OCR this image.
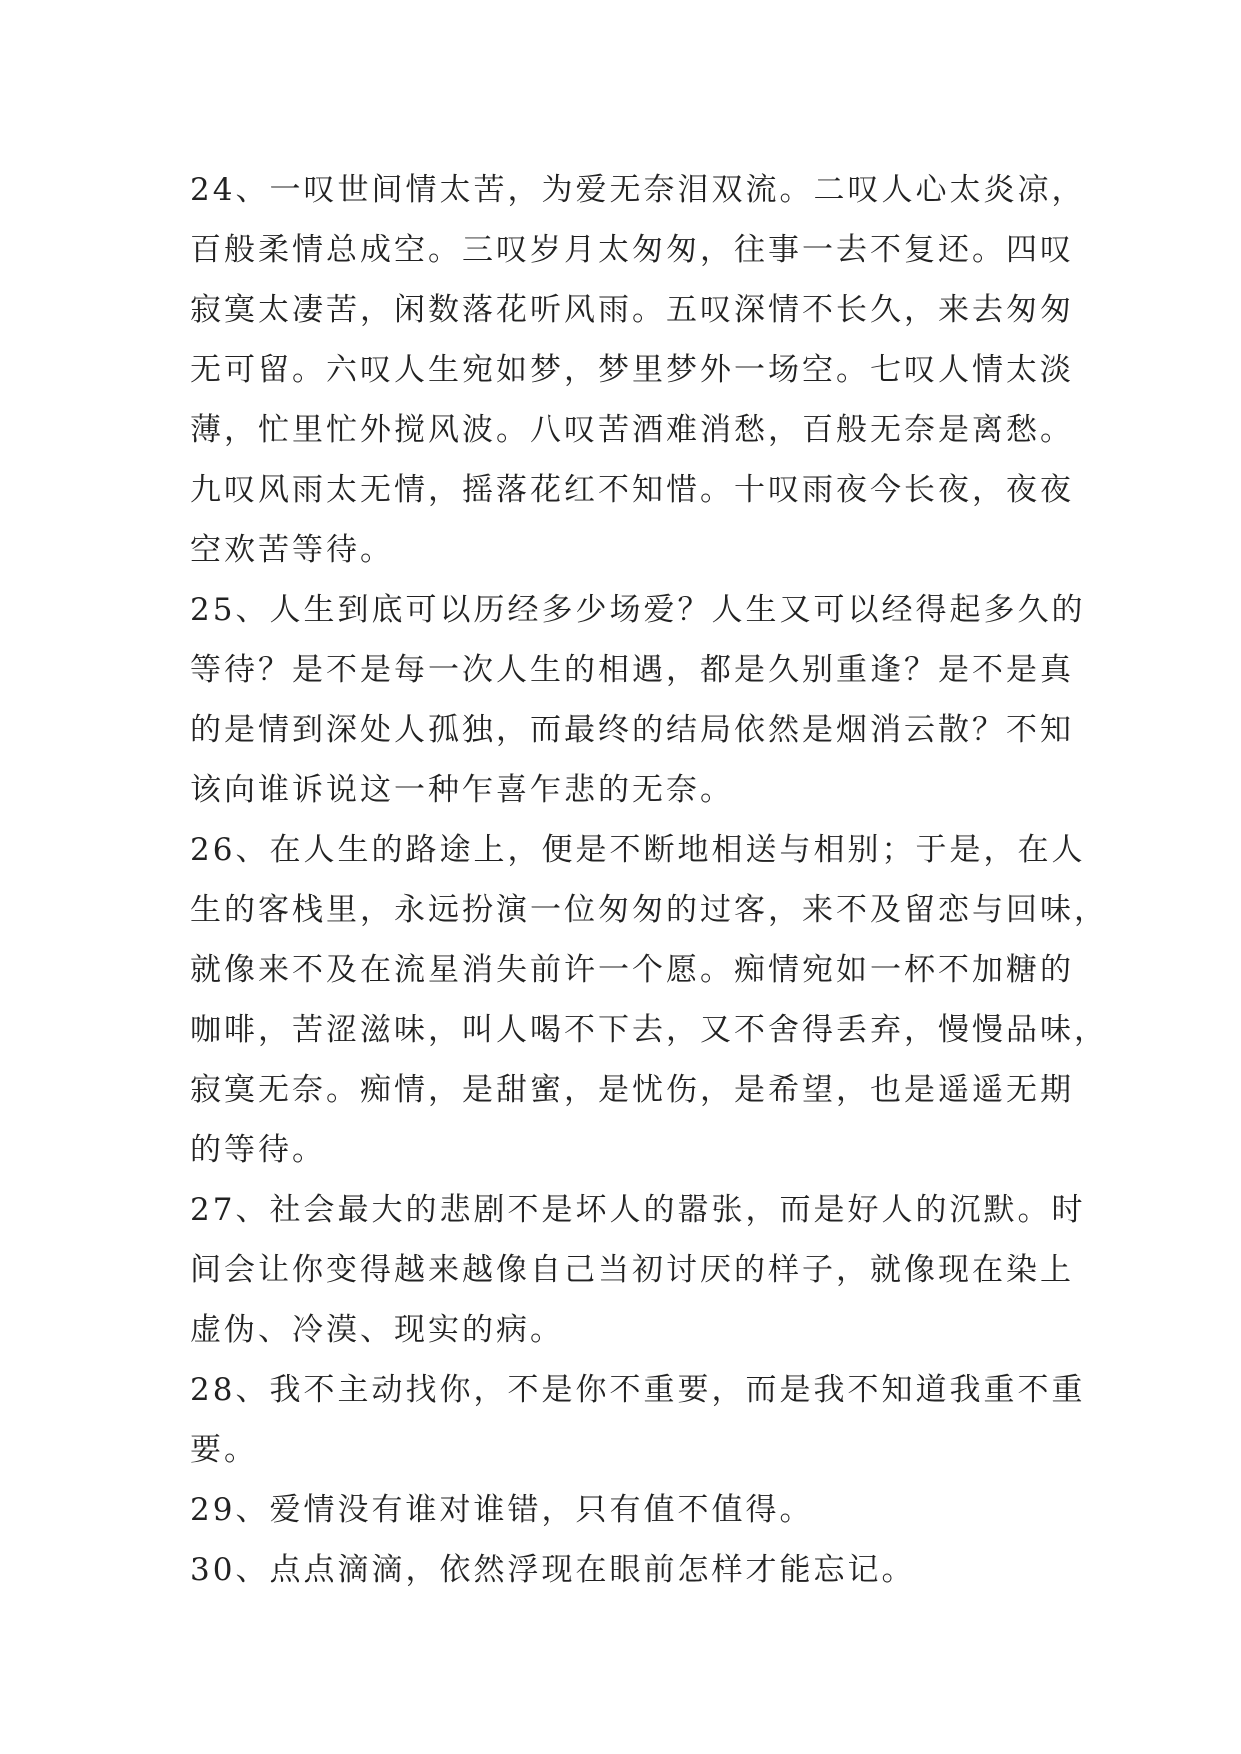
24、一叹世间情太苦，为爱无奈泪双流。二叹人心太炎凉，
百般柔情总成空。三叹岁月太匆匆，往事一去不复还。四叹
寂寞太凄苦，闲数落花听风雨。五叹深情不长久，来去匆匆
无可留。六叹人生宛如梦，梦里梦外一场空。七叹人情太淡
薄，忙里忙外搅风波。八叹苦酒难消愁，百般无奈是离愁。
九叹风雨太无情，摇落花红不知惜。十叹雨夜今长夜，夜夜
空欢苦等待。
25、人生到底可以历经多少场爱？人生又可以经得起多久的
等待？是不是每一次人生的相遇，都是久别重逢？是不是真
的是情到深处人孤独，而最终的结局依然是烟消云散？不知
该向谁诉说这一种乍喜乍悲的无奈。
26、在人生的路途上，便是不断地相送与相别；于是，在人
生的客栈里，永远扮演一位匆匆的过客，来不及留恋与回味，
就像来不及在流星消失前许一个愿。痴情宛如一杯不加糖的
咖啡，苦涩滋味，叫人喝不下去，又不舍得丢弃，慢慢品味，
寂寞无奈。痴情，是甜蜜，是忧伤，是希望，也是遥遥无期
的等待。
27、社会最大的悲剧不是坏人的嚣张，而是好人的沉默。时
间会让你变得越来越像自己当初讨厌的样子，就像现在染上
虚伪、冷漠、现实的病。
28、我不主动找你，不是你不重要，而是我不知道我重不重
要。
29、爱情没有谁对谁错，只有值不值得。
30、点点滴滴，依然浮现在眼前怎样才能忘记。
